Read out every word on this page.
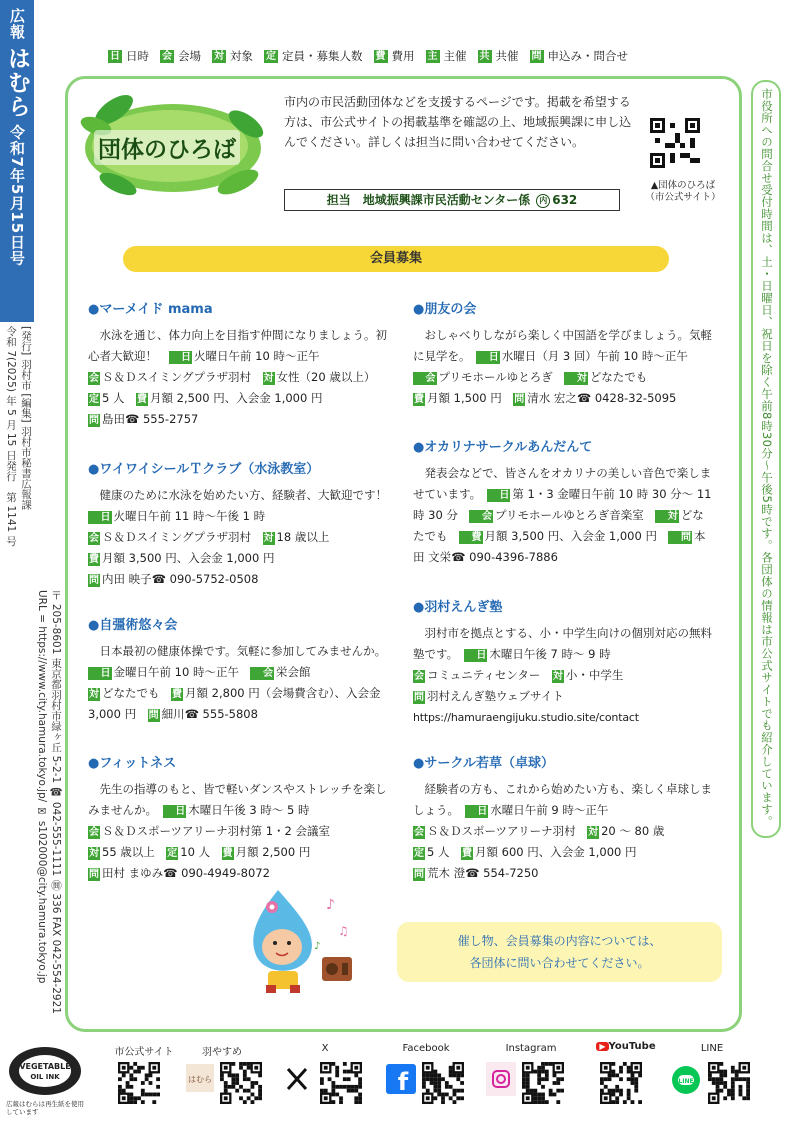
広報 はむら 令和7年5月15日号
令和 7(2025) 年 5 月 15 日発行　第 1141 号 [発行] 羽村市 [編集] 羽村市秘書広報課
URL = https://www.city.hamura.tokyo.jp/ ✉ s102000@city.hamura.tokyo.jp 〒 205-8601 東京都羽村市緑ヶ丘 5-2-1 ☎ 042-555-1111 ㉄ 336 FAX 042-554-2921
日 日時 会 会場 対 対象 定 定員・募集人数 費 費用 主 主催 共 共催 問 申込み・問合せ
団体のひろば
市内の市民活動団体などを支援するページです。掲載を希望する方は、市公式サイトの掲載基準を確認の上、地域振興課に申し込んでください。詳しくは担当に問い合わせてください。
▲団体のひろば
（市公式サイト）
担当　地域振興課市民活動センター係 内 632
会員募集
●マーメイド mama

水泳を通じ、体力向上を目指す仲間になりましょう。初心者大歓迎！　 日 火曜日午前 10 時～正午

会 Ｓ＆Ｄスイミングプラザ羽村　 対 女性（20 歳以上）　定 5 人　 費 月額 2,500 円、入会金 1,000 円

問 島田☎ 555-2757

●ワイワイシールＴクラブ（水泳教室）

健康のために水泳を始めたい方、経験者、大歓迎です！　日 火曜日午前 11 時～午後 1 時

会 Ｓ＆Ｄスイミングプラザ羽村　 対 18 歳以上

費 月額 3,500 円、入会金 1,000 円

問 内田 映子☎ 090-5752-0508

●自彊術悠々会

日本最初の健康体操です。気軽に参加してみませんか。　日 金曜日午前 10 時～正午　 会 栄会館

対 どなたでも　 費 月額 2,800 円（会場費含む）、入会金 3,000 円　 問 細川☎ 555-5808

●フィットネス

先生の指導のもと、皆で軽いダンスやストレッチを楽しみませんか。　 日 木曜日午後 3 時～ 5 時

会 Ｓ＆Ｄスポーツアリーナ羽村第 1・2 会議室

対 55 歳以上　 定 10 人　 費 月額 2,500 円

問 田村 まゆみ☎ 090-4949-8072

●朋友の会

おしゃべりしながら楽しく中国語を学びましょう。気軽に見学を。　 日 水曜日（月 3 回）午前 10 時～正午　会 プリモホールゆとろぎ　 対 どなたでも

費 月額 1,500 円　 問 清水 宏之☎ 0428-32-5095

●オカリナサークルあんだんて

発表会などで、皆さんをオカリナの美しい音色で楽しませています。　 日 第 1・3 金曜日午前 10 時 30 分～ 11 時 30 分　 会 プリモホールゆとろぎ音楽室　 対 どなたでも　 費 月額 3,500 円、入会金 1,000 円　 問 本田 文栄☎ 090-4396-7886

●羽村えんぎ塾

羽村市を拠点とする、小・中学生向けの個別対応の無料塾です。　 日 木曜日午後 7 時～ 9 時

会 コミュニティセンター　 対 小・中学生

問 羽村えんぎ塾ウェブサイト

https://hamuraengijuku.studio.site/contact

●サークル若草（卓球）

経験者の方も、これから始めたい方も、楽しく卓球しましょう。　 日 水曜日午前 9 時～正午

会 Ｓ＆Ｄスポーツアリーナ羽村　 対 20 ～ 80 歳

定 5 人　 費 月額 600 円、入会金 1,000 円

問 荒木 澄☎ 554-7250

♪
♫
♪	催し物、会員募集の内容については、
各団体に問い合わせてください。
市役所への問合せ受付時間は、土・日曜日、祝日を除く午前8時30分～午後5時です。各団体の情報は市公式サイトでも紹介しています。
VEGETABLE
OIL INK
広報はむらは再生紙を使用しています
市公式サイト	羽やすめ	X	Facebook	Instagram	▶ YouTube	LINE
はむら	f	LINE
